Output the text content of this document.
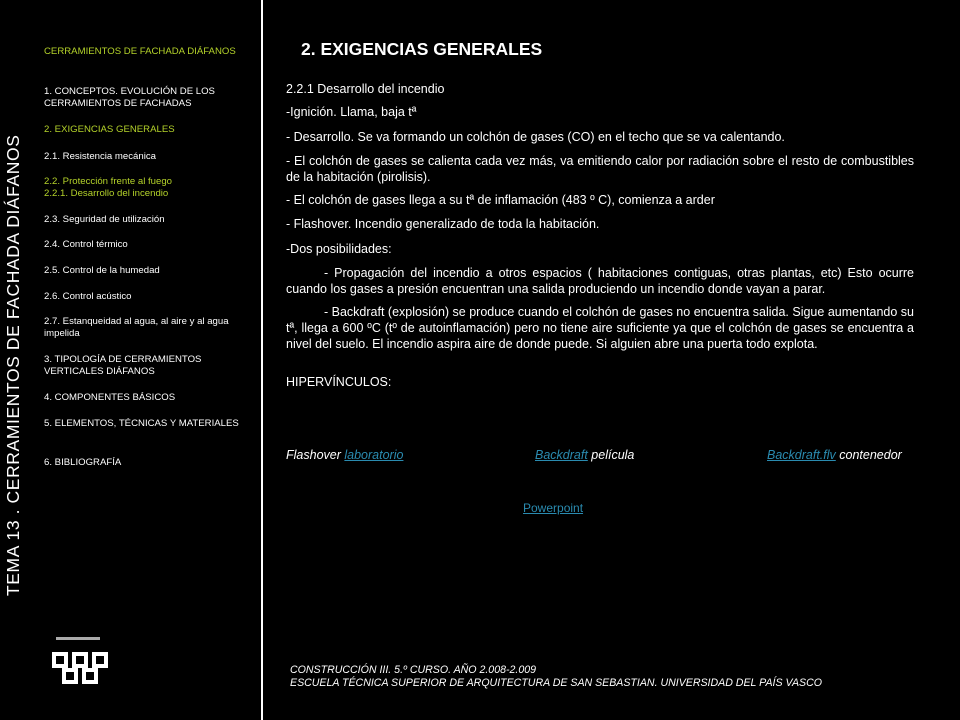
TEMA 13 . CERRAMIENTOS DE FACHADA DIÁFANOS
CERRAMIENTOS DE FACHADA DIÁFANOS
1. CONCEPTOS. EVOLUCIÓN DE LOS CERRAMIENTOS DE FACHADAS
2. EXIGENCIAS GENERALES
2.1. Resistencia mecánica
2.2. Protección frente al fuego
2.2.1. Desarrollo del incendio
2.3. Seguridad de utilización
2.4. Control térmico
2.5. Control de la humedad
2.6. Control acústico
2.7. Estanqueidad al agua, al aire y al agua impelida
3. TIPOLOGÍA DE CERRAMIENTOS VERTICALES DIÁFANOS
4. COMPONENTES BÁSICOS
5. ELEMENTOS, TÉCNICAS Y MATERIALES
6. BIBLIOGRAFÍA
2. EXIGENCIAS GENERALES
2.2.1 Desarrollo del incendio
-Ignición. Llama, baja tª
- Desarrollo. Se va formando un colchón de gases (CO) en el techo que se va calentando.
- El colchón de gases se calienta cada vez más, va emitiendo calor por radiación sobre el resto de combustibles de la habitación (pirolisis).
- El colchón de gases llega a su tª de inflamación (483 º C), comienza a arder
- Flashover. Incendio generalizado de toda la habitación.
-Dos posibilidades:
- Propagación del incendio a otros espacios ( habitaciones contiguas, otras plantas, etc) Esto ocurre cuando los gases a presión encuentran una salida produciendo un incendio donde vayan a parar.
- Backdraft (explosión) se produce cuando el colchón de gases no encuentra salida. Sigue aumentando su tª, llega a 600 ºC (tº de autoinflamación) pero no tiene aire suficiente ya que el colchón de gases se encuentra a nivel del suelo. El incendio aspira aire de donde puede. Si alguien abre una puerta todo explota.
HIPERVÍNCULOS:
Flashover laboratorio	Backdraft película	Backdraft.flv contenedor
Powerpoint
CONSTRUCCIÓN III. 5.º CURSO. AÑO 2.008-2.009
ESCUELA TÉCNICA SUPERIOR DE ARQUITECTURA DE SAN SEBASTIAN. UNIVERSIDAD DEL PAÍS VASCO
